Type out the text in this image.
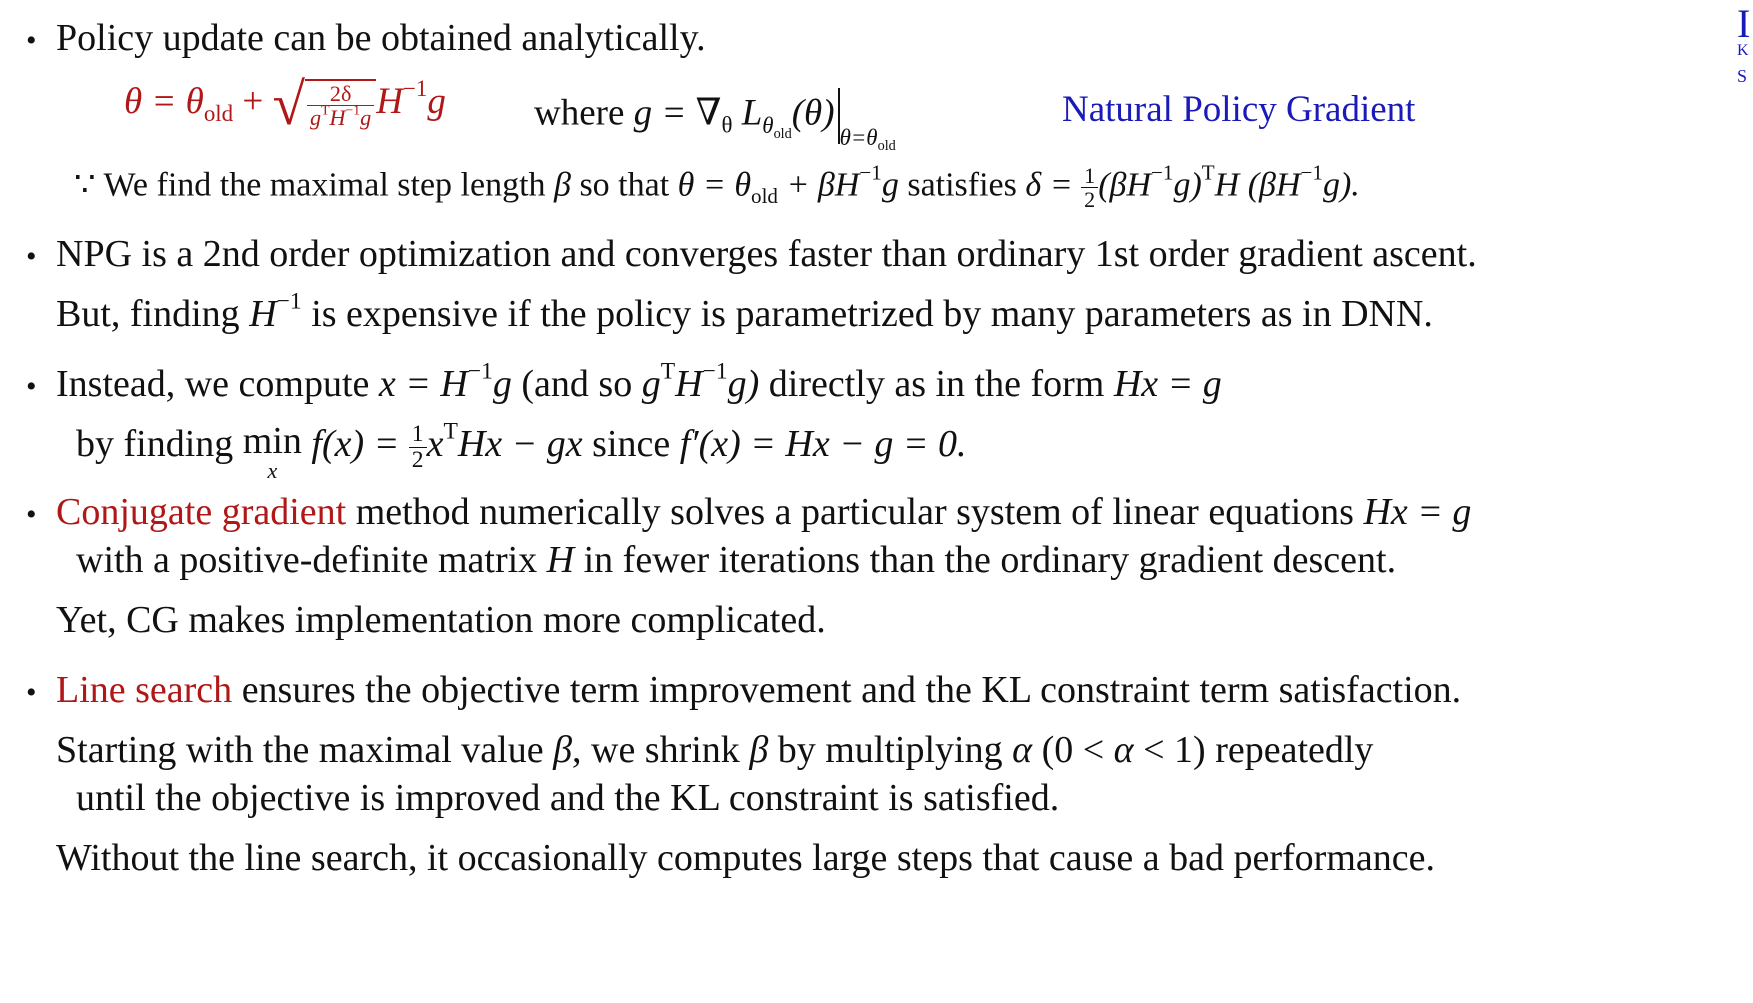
• Policy update can be obtained analytically.
$\theta = \theta_{old}$ + √ $\frac{2\delta}{g^TH^{-1}g} H^{-1}g$ where $g = \nabla_\theta$ $L_{\theta_{old}}(\theta)_{\theta=\theta_{old}}$
Natural Policy Gradient
∵ We find the maximal step length β so that $\theta = \theta_{old} + \beta H^{-1}g$ satisfies $\delta = \frac{1}{2} (\beta H^{-1}g)^TH$ $(\beta H^{-1}g)$.
• NPG is a 2nd order optimization and converges faster than ordinary 1st order gradient ascent.
But, finding $H^{-1}$ is expensive if the policy is parametrized by many parameters as in DNN.
• Instead, we compute $x = H^{-1}g$ (and so $g^TH^{-1}g$) directly as in the form Hx = g
by finding min
x
$f(x) = \frac{1}{2} x^THx$ − gx since f′(x) = Hx − g = 0.
• Conjugate gradient method numerically solves a particular system of linear equations Hx = g
with a positive-definite matrix H in fewer iterations than the ordinary gradient descent.
Yet, CG makes implementation more complicated.
• Line search ensures the objective term improvement and the KL constraint term satisfaction.
Starting with the maximal value β, we shrink β by multiplying α (0 < α < 1) repeatedly
until the objective is improved and the KL constraint is satisfied.
Without the line search, it occasionally computes large steps that cause a bad performance.
I
K
S
